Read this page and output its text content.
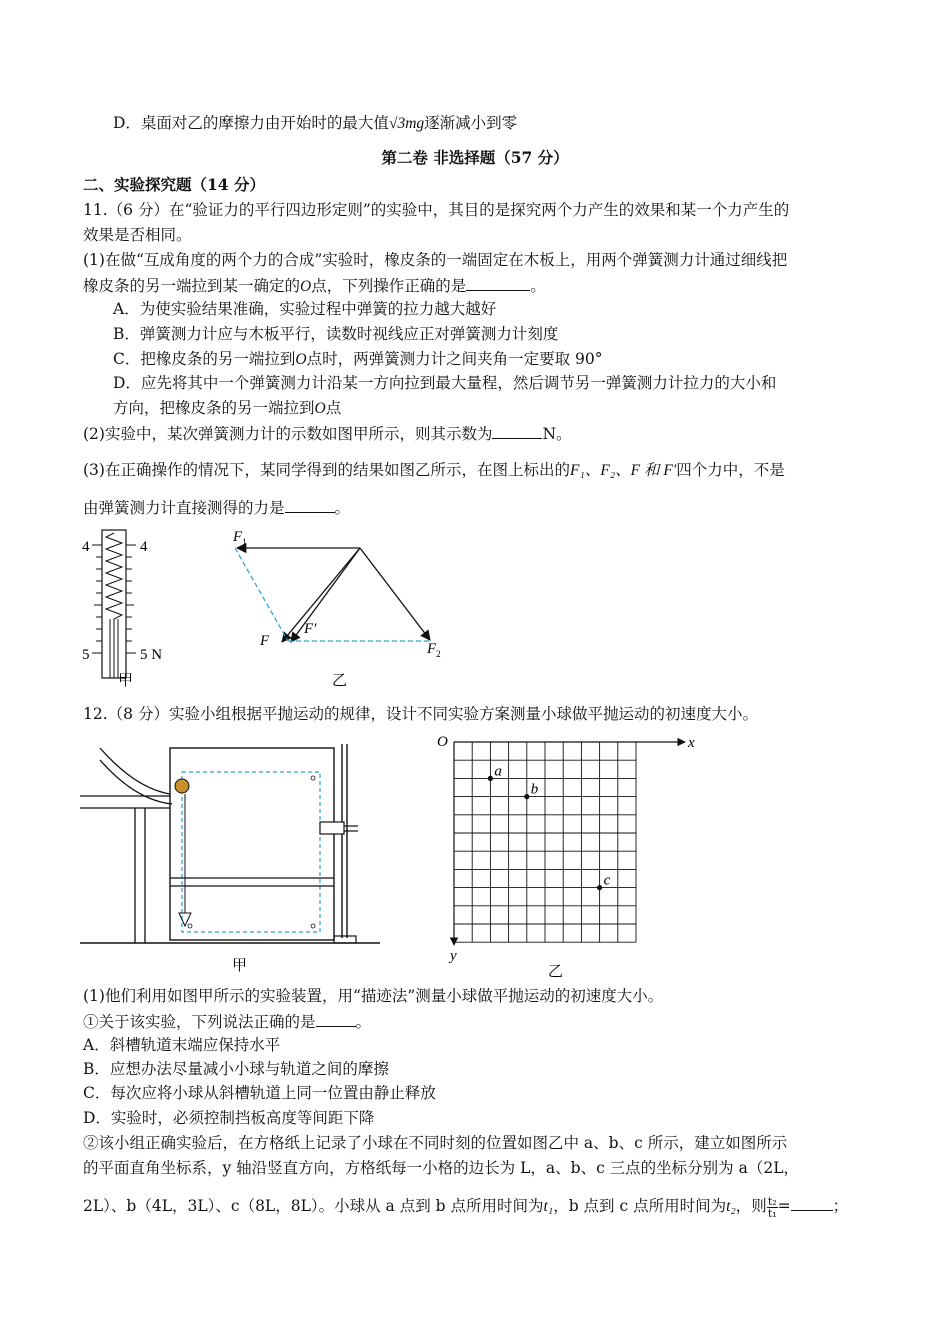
D．桌面对乙的摩擦力由开始时的最大值√3mg逐渐减小到零
第二卷 非选择题（57 分）
二、实验探究题（14 分）
11.（6 分）在“验证力的平行四边形定则”的实验中，其目的是探究两个力产生的效果和某一个力产生的
效果是否相同。
(1)在做“互成角度的两个力的合成”实验时，橡皮条的一端固定在木板上，用两个弹簧测力计通过细线把
橡皮条的另一端拉到某一确定的O点，下列操作正确的是	。
A．为使实验结果准确，实验过程中弹簧的拉力越大越好
B．弹簧测力计应与木板平行，读数时视线应正对弹簧测力计刻度
C．把橡皮条的另一端拉到O点时，两弹簧测力计之间夹角一定要取 90°
D．应先将其中一个弹簧测力计沿某一方向拉到最大量程，然后调节另一弹簧测力计拉力的大小和
方向，把橡皮条的另一端拉到O点
(2)实验中，某次弹簧测力计的示数如图甲所示，则其示数为	N。
(3)在正确操作的情况下，某同学得到的结果如图乙所示，在图上标出的F₁、F₂、F 和 F′四个力中，不是
由弹簧测力计直接测得的力是	。
4	4
5	5 N
甲
$F_1$
$F_2$
F
F′
乙
12.（8 分）实验小组根据平抛运动的规律，设计不同实验方案测量小球做平抛运动的初速度大小。
甲
O	x
y
a
b
c
乙
(1)他们利用如图甲所示的实验装置，用“描迹法”测量小球做平抛运动的初速度大小。
①关于该实验，下列说法正确的是	。
A．斜槽轨道末端应保持水平
B．应想办法尽量减小小球与轨道之间的摩擦
C．每次应将小球从斜槽轨道上同一位置由静止释放
D．实验时，必须控制挡板高度等间距下降
②该小组正确实验后，在方格纸上记录了小球在不同时刻的位置如图乙中 a、b、c 所示，建立如图所示
的平面直角坐标系，y 轴沿竖直方向，方格纸每一小格的边长为 L，a、b、c 三点的坐标分别为 a（2L，
2L）、b（4L，3L）、c（8L，8L）。小球从 a 点到 b 点所用时间为t₁，b 点到 c 点所用时间为t₂，则 $\frac{\text{t₂}}{\text{t₁}}$ =	；
